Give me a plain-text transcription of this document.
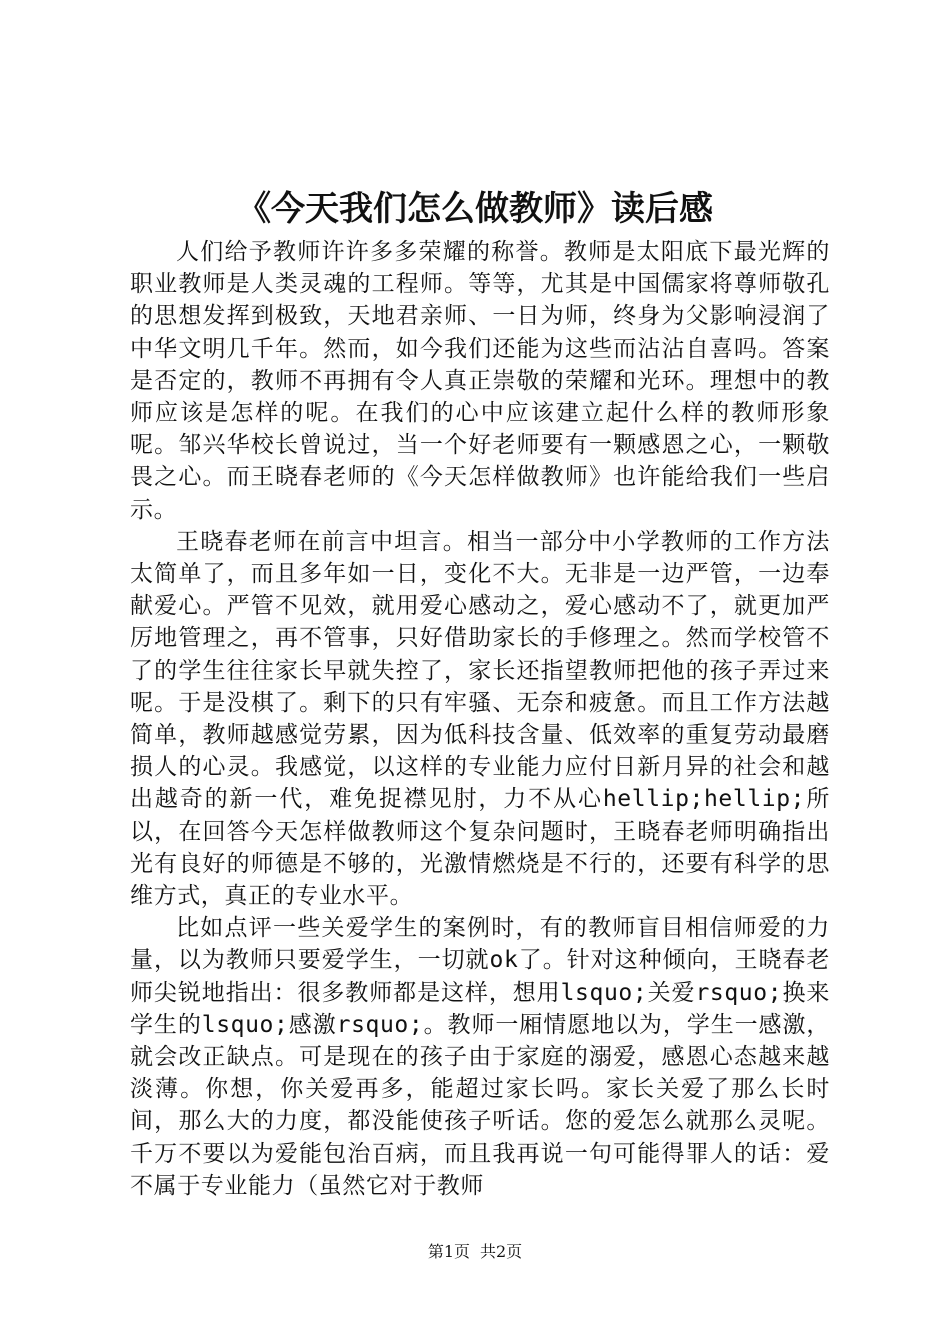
《今天我们怎么做教师》读后感

人们给予教师许许多多荣耀的称誉。教师是太阳底下最光辉的职业教师是人类灵魂的工程师。等等，尤其是中国儒家将尊师敬孔的思想发挥到极致，天地君亲师、一日为师，终身为父影响浸润了中华文明几千年。然而，如今我们还能为这些而沾沾自喜吗。答案是否定的，教师不再拥有令人真正崇敬的荣耀和光环。理想中的教师应该是怎样的呢。在我们的心中应该建立起什么样的教师形象呢。邹兴华校长曾说过，当一个好老师要有一颗感恩之心，一颗敬畏之心。而王晓春老师的《今天怎样做教师》也许能给我们一些启示。

王晓春老师在前言中坦言。相当一部分中小学教师的工作方法太简单了，而且多年如一日，变化不大。无非是一边严管，一边奉献爱心。严管不见效，就用爱心感动之，爱心感动不了，就更加严厉地管理之，再不管事，只好借助家长的手修理之。然而学校管不了的学生往往家长早就失控了，家长还指望教师把他的孩子弄过来呢。于是没棋了。剩下的只有牢骚、无奈和疲惫。而且工作方法越简单，教师越感觉劳累，因为低科技含量、低效率的重复劳动最磨损人的心灵。我感觉，以这样的专业能力应付日新月异的社会和越出越奇的新一代，难免捉襟见肘，力不从心hellip;hellip;所以，在回答今天怎样做教师这个复杂问题时，王晓春老师明确指出光有良好的师德是不够的，光激情燃烧是不行的，还要有科学的思维方式，真正的专业水平。

比如点评一些关爱学生的案例时，有的教师盲目相信师爱的力量，以为教师只要爱学生，一切就ok了。针对这种倾向，王晓春老师尖锐地指出：很多教师都是这样，想用lsquo;关爱rsquo;换来学生的lsquo;感激rsquo;。教师一厢情愿地以为，学生一感激，就会改正缺点。可是现在的孩子由于家庭的溺爱，感恩心态越来越淡薄。你想，你关爱再多，能超过家长吗。家长关爱了那么长时间，那么大的力度，都没能使孩子听话。您的爱怎么就那么灵呢。千万不要以为爱能包治百病，而且我再说一句可能得罪人的话：爱不属于专业能力（虽然它对于教师

第1页 共2页
